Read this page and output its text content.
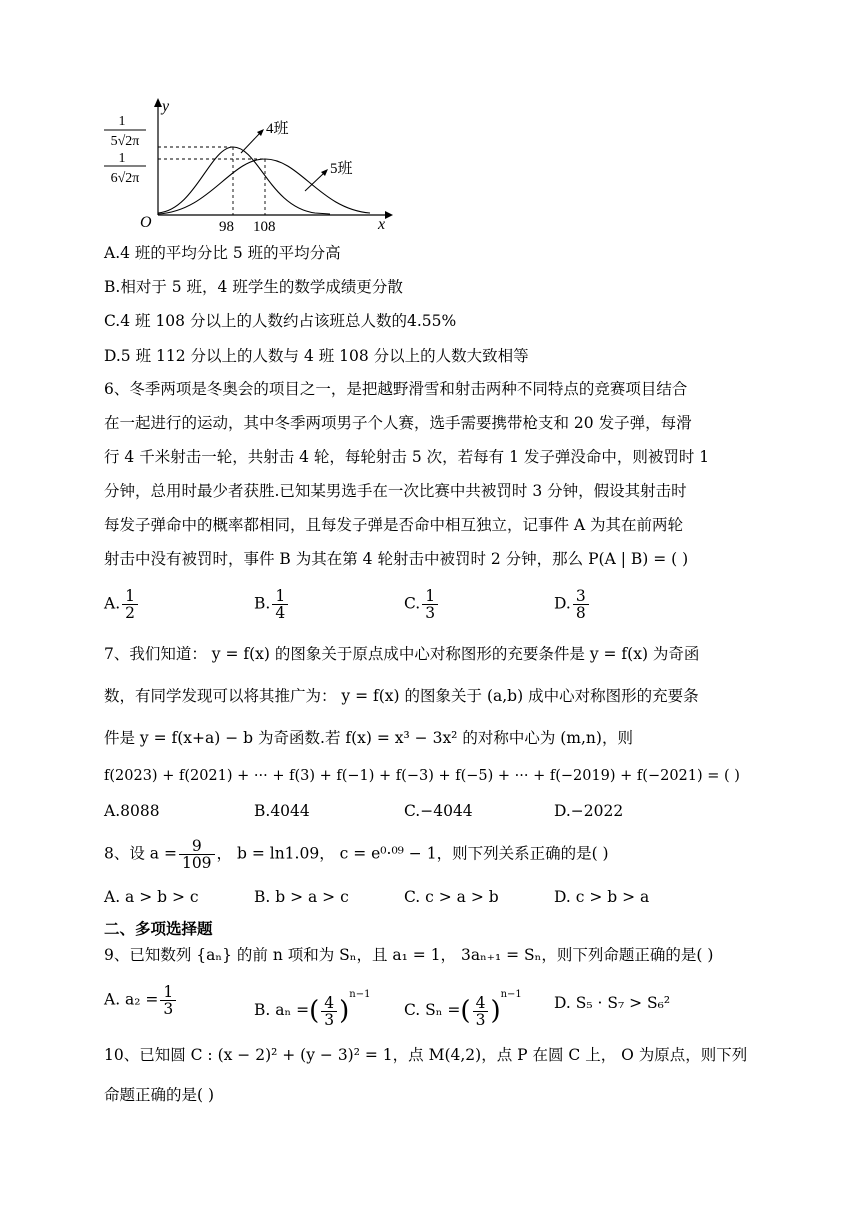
y
x
O	98 108
4班
5班
1
5√2π
1
6√2π
A.4 班的平均分比 5 班的平均分高
B.相对于 5 班，4 班学生的数学成绩更分散
C.4 班 108 分以上的人数约占该班总人数的4.55%
D.5 班 112 分以上的人数与 4 班 108 分以上的人数大致相等
6、冬季两项是冬奥会的项目之一，是把越野滑雪和射击两种不同特点的竞赛项目结合
在一起进行的运动，其中冬季两项男子个人赛，选手需要携带枪支和 20 发子弹，每滑
行 4 千米射击一轮，共射击 4 轮，每轮射击 5 次，若每有 1 发子弹没命中，则被罚时 1
分钟，总用时最少者获胜.已知某男选手在一次比赛中共被罚时 3 分钟，假设其射击时
每发子弹命中的概率都相同，且每发子弹是否命中相互独立，记事件 A 为其在前两轮
射击中没有被罚时，事件 B 为其在第 4 轮射击中被罚时 2 分钟，那么 P(A | B) = ( )
A. $\frac{1}{2}$	B. $\frac{1}{4}$	C. $\frac{1}{3}$	D. $\frac{3}{8}$
7、我们知道： y = f(x) 的图象关于原点成中心对称图形的充要条件是 y = f(x) 为奇函
数，有同学发现可以将其推广为： y = f(x) 的图象关于 (a,b) 成中心对称图形的充要条
件是 y = f(x+a) − b 为奇函数.若 f(x) = x³ − 3x² 的对称中心为 (m,n)，则
f(2023) + f(2021) + ··· + f(3) + f(−1) + f(−3) + f(−5) + ··· + f(−2019) + f(−2021) = ( )
A.8088	B.4044	C.−4044	D.−2022
8、设 $a = \frac{9}{109}$ ， b = ln1.09， c = e⁰·⁰⁹ − 1，则下列关系正确的是( )
A. a > b > c	B. b > a > c	C. c > a > b	D. c > b > a
二、多项选择题
9、已知数列 {aₙ} 的前 n 项和为 Sₙ，且 a₁ = 1， 3aₙ₊₁ = Sₙ，则下列命题正确的是( )
A. $a_2 = \frac{1}{3}$	B. aₙ =( $\frac{4}{3} )^{n-1}$
C. Sₙ =( $\frac{4}{3} )^{n-1}$ D. S₅ · S₇ > S₆²
10、已知圆 C : (x − 2)² + (y − 3)² = 1，点 M(4,2)，点 P 在圆 C 上， O 为原点，则下列
命题正确的是( )
